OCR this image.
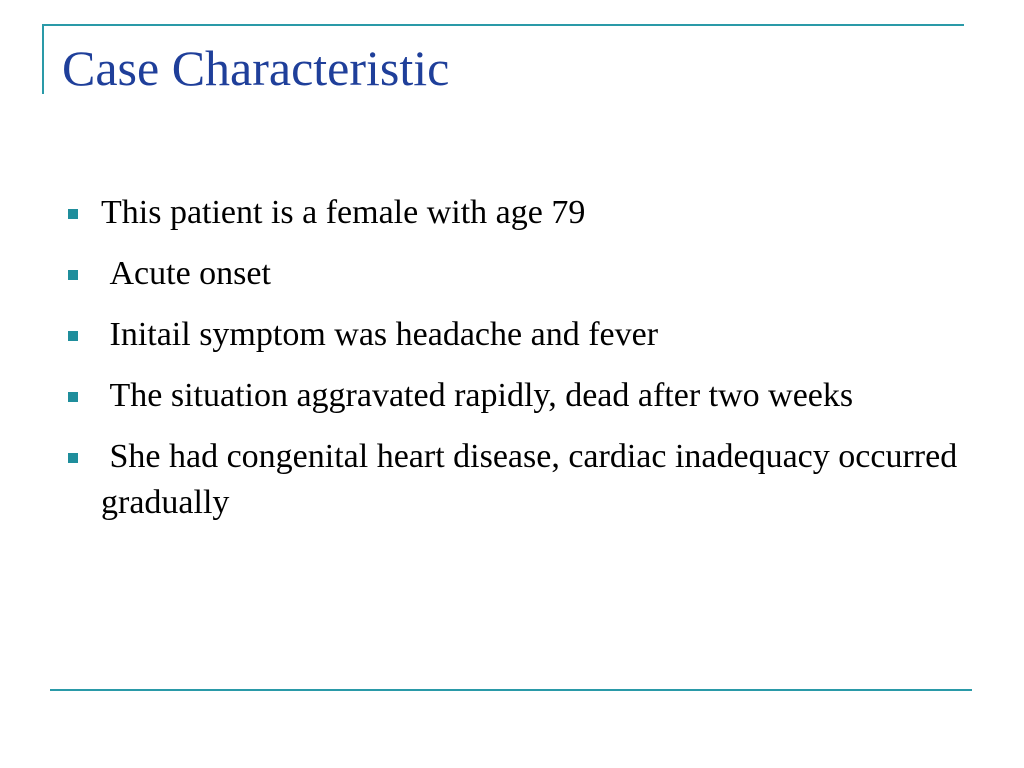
Case Characteristic
This patient is a female with age 79
Acute onset
Initail symptom was headache and fever
The situation aggravated rapidly, dead after two weeks
She had congenital heart disease, cardiac inadequacy occurred gradually
